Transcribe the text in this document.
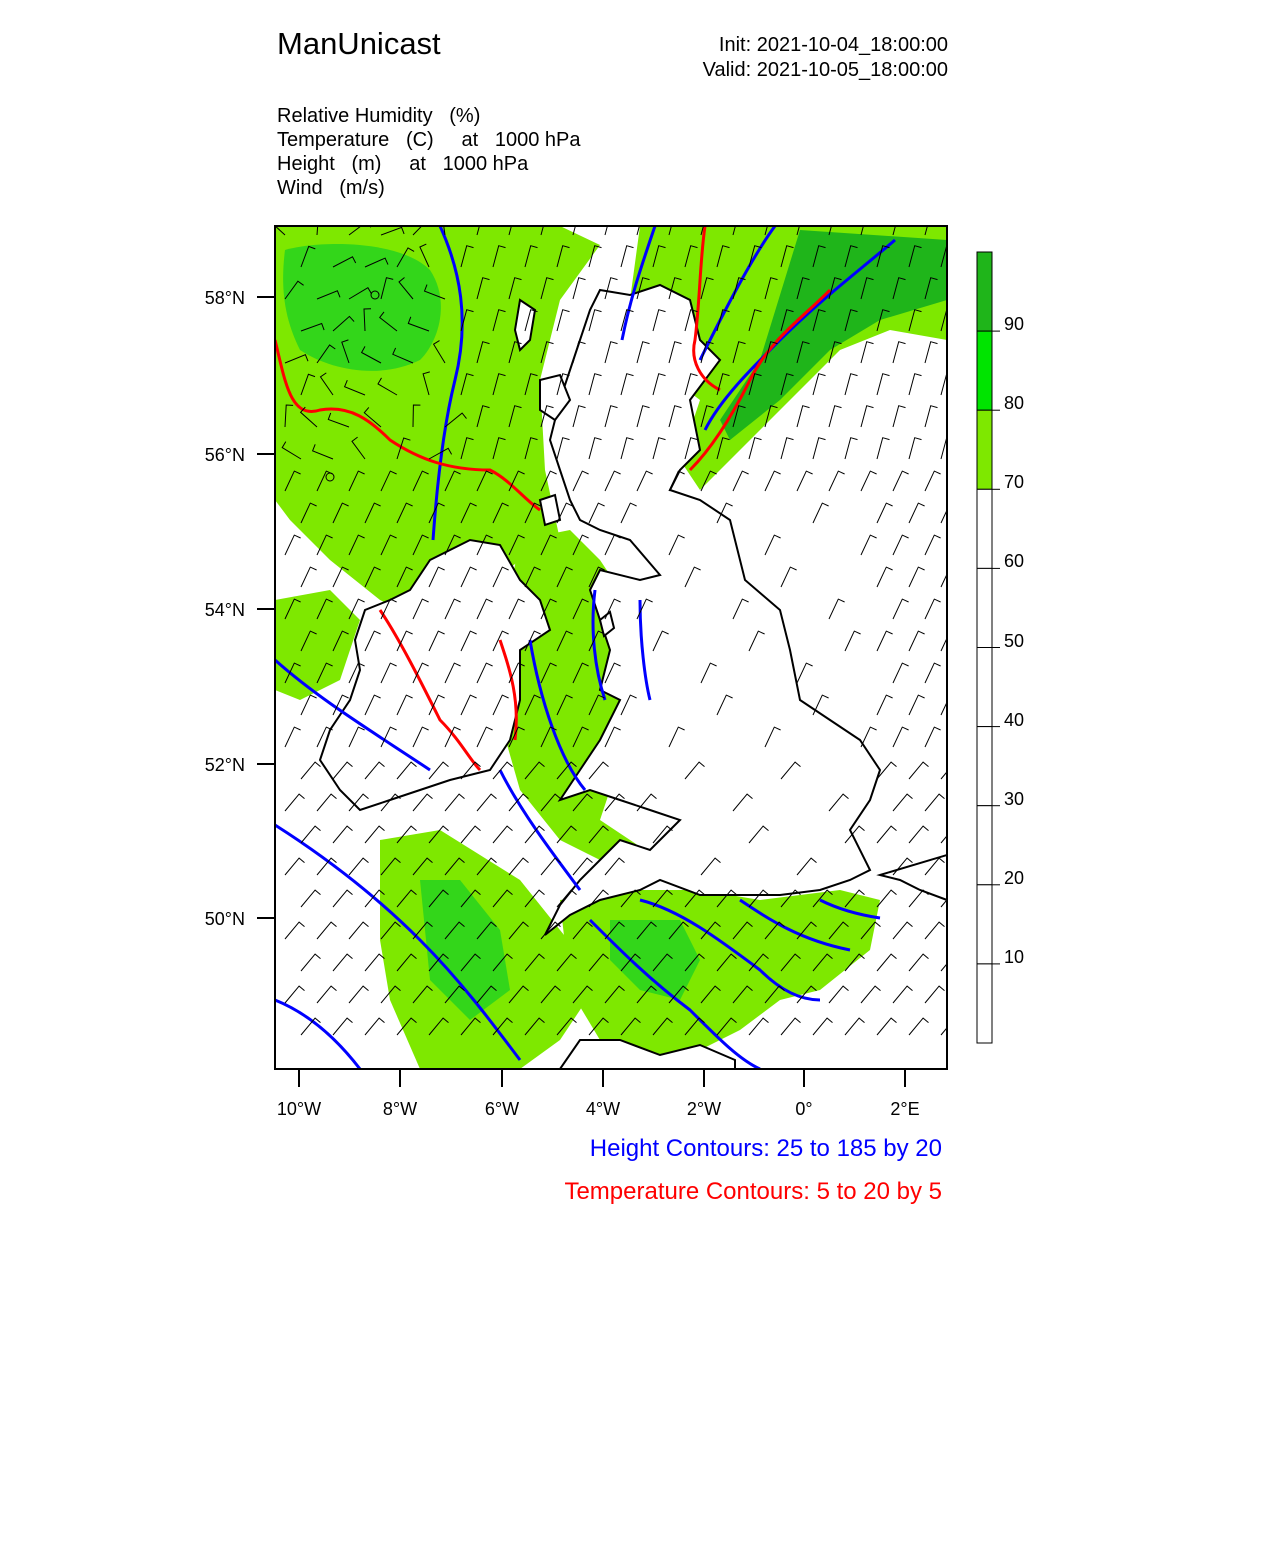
ManUnicast	Init: 2021-10-04_18:00:00
Valid: 2021-10-05_18:00:00
Relative Humidity   (%)
Temperature   (C)     at   1000 hPa
Height   (m)     at   1000 hPa
Wind   (m/s)
58°N
56°N
54°N
52°N
50°N
10°W	8°W	6°W	4°W	2°W	0°	2°E
90
80
70
60
50
40
30
20
10
Height Contours: 25 to 185 by 20
Temperature Contours: 5 to 20 by 5
